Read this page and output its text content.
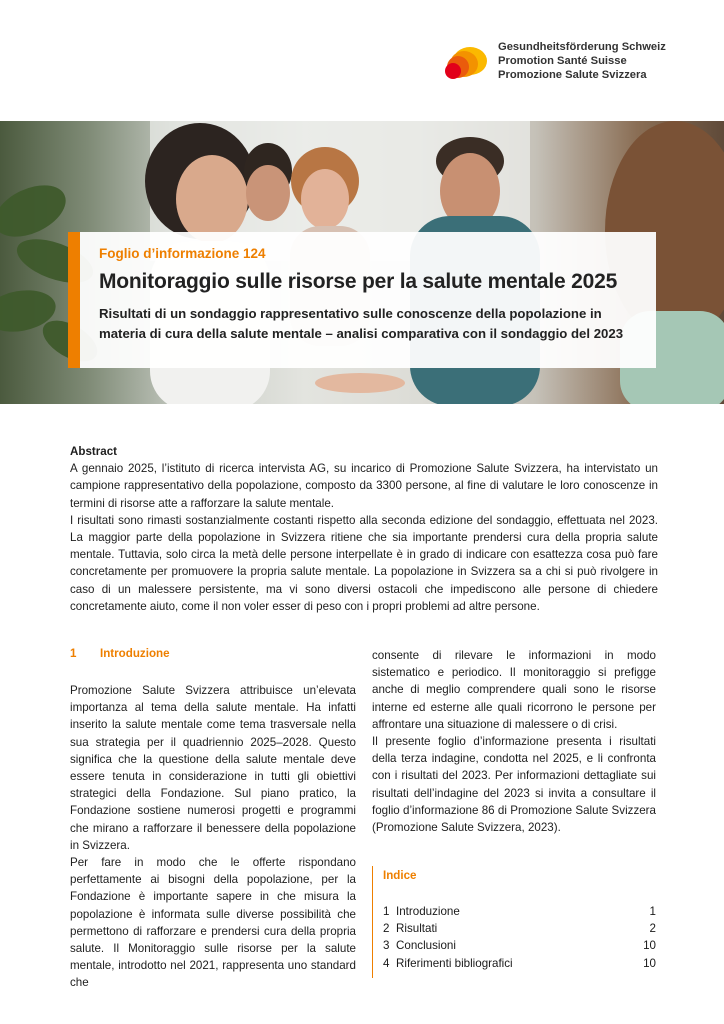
Gesundheitsförderung Schweiz
Promotion Santé Suisse
Promozione Salute Svizzera
Foglio d’informazione 124
Monitoraggio sulle risorse per la salute mentale 2025
Risultati di un sondaggio rappresentativo sulle conoscenze della popolazione in materia di cura della salute mentale – analisi comparativa con il sondaggio del 2023
Abstract

A gennaio 2025, l’istituto di ricerca intervista AG, su incarico di Promozione Salute Svizzera, ha intervistato un campione rappresentativo della popolazione, composto da 3300 persone, al fine di valutare le loro conoscenze in termini di risorse atte a rafforzare la salute mentale.

I risultati sono rimasti sostanzialmente costanti rispetto alla seconda edizione del sondaggio, effettuata nel 2023. La maggior parte della popolazione in Svizzera ritiene che sia importante prendersi cura della propria salute mentale. Tuttavia, solo circa la metà delle persone interpellate è in grado di indicare con esattezza cosa può fare concretamente per promuovere la propria salute mentale. La popolazione in Svizzera sa a chi si può rivolgere in caso di un malessere persistente, ma vi sono diversi ostacoli che impediscono alle persone di chiedere concretamente aiuto, come il non voler esser di peso con i propri problemi ad altre persone.

1 Introduzione

Promozione Salute Svizzera attribuisce un’elevata importanza al tema della salute mentale. Ha infatti inserito la salute mentale come tema trasversale nella sua strategia per il quadriennio 2025–2028. Questo significa che la questione della salute mentale deve essere tenuta in considerazione in tutti gli obiettivi strategici della Fondazione. Sul piano pratico, la Fondazione sostiene numerosi progetti e programmi che mirano a rafforzare il benessere della popolazione in Svizzera.

Per fare in modo che le offerte rispondano perfettamente ai bisogni della popolazione, per la Fondazione è importante sapere in che misura la popolazione è informata sulle diverse possibilità che permettono di rafforzare e prendersi cura della propria salute. Il Monitoraggio sulle risorse per la salute mentale, introdotto nel 2021, rappresenta uno standard che

consente di rilevare le informazioni in modo sistematico e periodico. Il monitoraggio si prefigge anche di meglio comprendere quali sono le risorse interne ed esterne alle quali ricorrono le persone per affrontare una situazione di malessere o di crisi.

Il presente foglio d’informazione presenta i risultati della terza indagine, condotta nel 2025, e li confronta con i risultati del 2023. Per informazioni dettagliate sui risultati dell’indagine del 2023 si invita a consultare il foglio d’informazione 86 di Promozione Salute Svizzera (Promozione Salute Svizzera, 2023).

Indice
1 Introduzione	1
2 Risultati	2
3 Conclusioni	10
4 Riferimenti bibliografici	10
